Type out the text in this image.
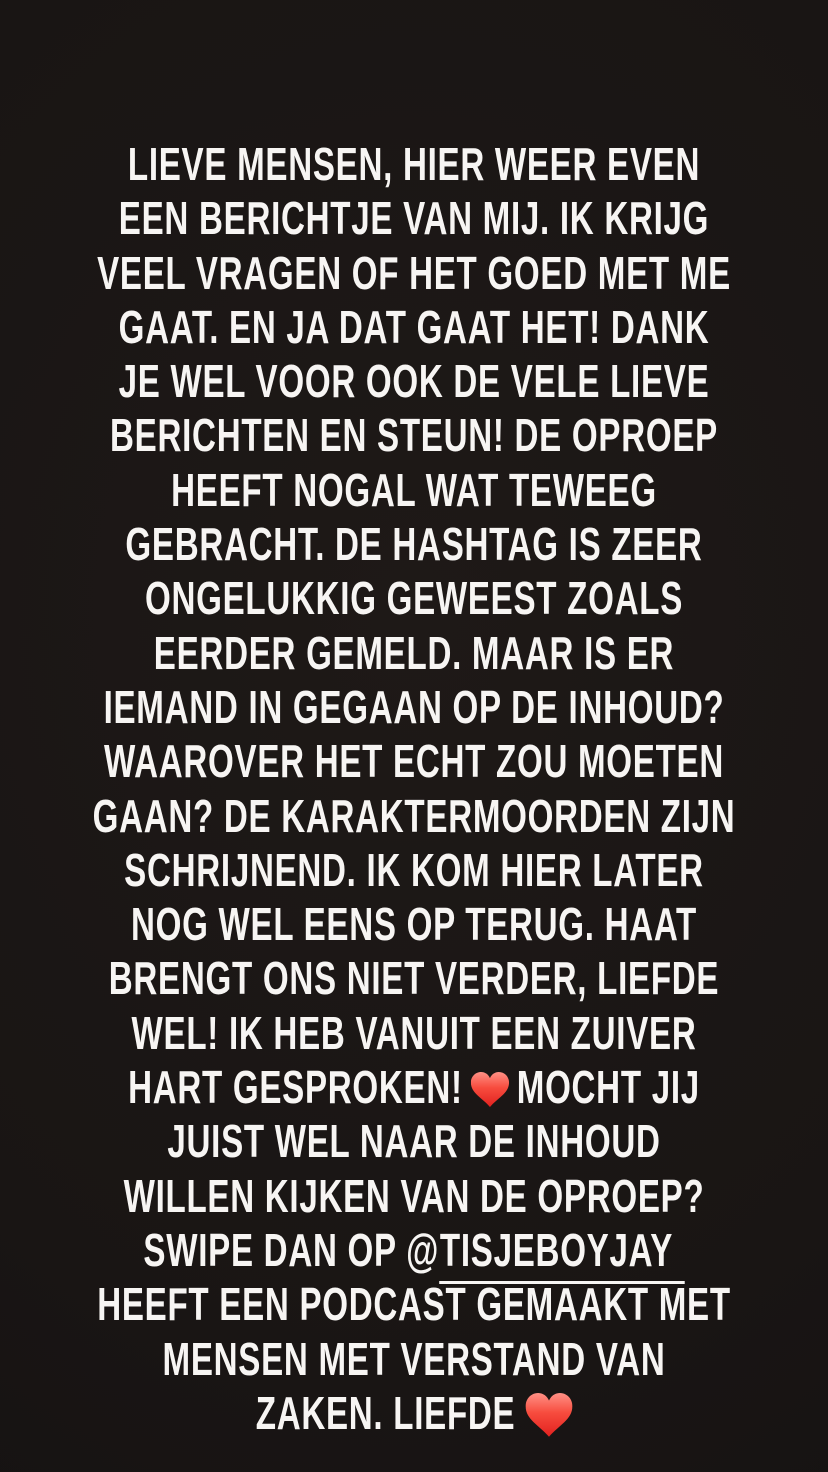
LIEVE MENSEN, HIER WEER EVEN
EEN BERICHTJE VAN MIJ. IK KRIJG
VEEL VRAGEN OF HET GOED MET ME
GAAT. EN JA DAT GAAT HET! DANK
JE WEL VOOR OOK DE VELE LIEVE
BERICHTEN EN STEUN! DE OPROEP
HEEFT NOGAL WAT TEWEEG
GEBRACHT. DE HASHTAG IS ZEER
ONGELUKKIG GEWEEST ZOALS
EERDER GEMELD. MAAR IS ER
IEMAND IN GEGAAN OP DE INHOUD?
WAAROVER HET ECHT ZOU MOETEN
GAAN? DE KARAKTERMOORDEN ZIJN
SCHRIJNEND. IK KOM HIER LATER
NOG WEL EENS OP TERUG. HAAT
BRENGT ONS NIET VERDER, LIEFDE
WEL! IK HEB VANUIT EEN ZUIVER
HART GESPROKEN! MOCHT JIJ
JUIST WEL NAAR DE INHOUD
WILLEN KIJKEN VAN DE OPROEP?
SWIPE DAN OP @TISJEBOYJAY
HEEFT EEN PODCAST GEMAAKT MET
MENSEN MET VERSTAND VAN
ZAKEN. LIEFDE
